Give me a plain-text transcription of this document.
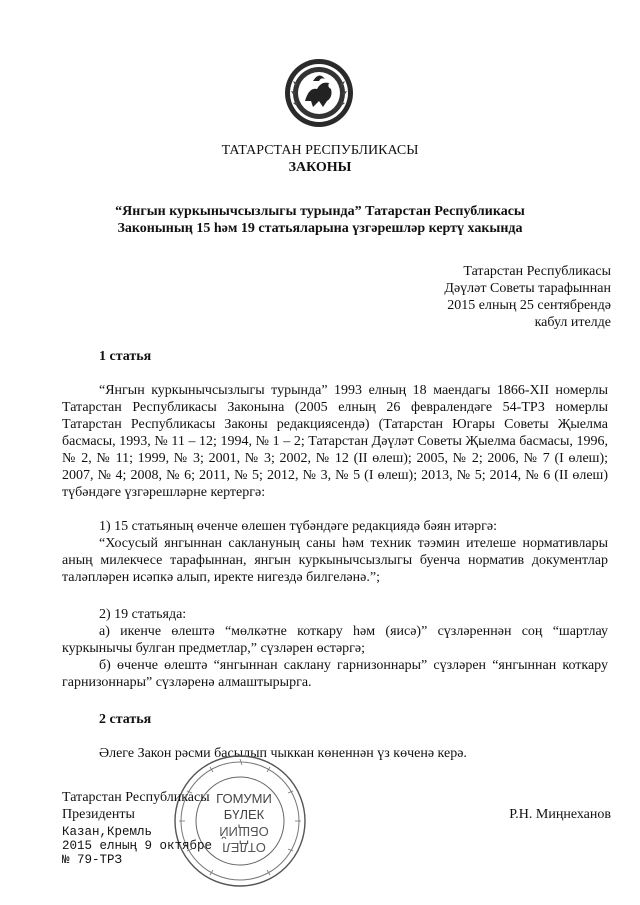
ТАТАРСТАН РЕСПУБЛИКАСЫ
ЗАКОНЫ
“Янгын куркынычсызлыгы турында” Татарстан Республикасы
Законының 15 һәм 19 статьяларына үзгәрешләр кертү хакында
Татарстан Республикасы
Дәүләт Советы тарафыннан
2015 елның 25 сентябрендә
кабул ителде
1 статья

“Янгын куркынычсызлыгы турында” 1993 елның 18 маендагы 1866-XII номерлы Татарстан Республикасы Законына (2005 елның 26 февралендәге 54-ТРЗ номерлы Татарстан Республикасы Законы редакциясендә) (Татарстан Югары Советы Җыелма басмасы, 1993, № 11 – 12; 1994, № 1 – 2; Татарстан Дәүләт Советы Җыелма басмасы, 1996, № 2, № 11; 1999, № 3; 2001, № 3; 2002, № 12 (II өлеш); 2005, № 2; 2006, № 7 (I өлеш); 2007, № 4; 2008, № 6; 2011, № 5; 2012, № 3, № 5 (I өлеш); 2013, № 5; 2014, № 6 (II өлеш) түбәндәге үзгәрешләрне кертергә:

1) 15 статьяның өченче өлешен түбәндәге редакциядә бәян итәргә:

“Хосусый янгыннан саклануның саны һәм техник тәэмин ителеше нормативлары аның милекчесе тарафыннан, янгын куркынычсызлыгы буенча норматив документлар таләпләрен исәпкә алып, иректе нигездә билгеләнә.”;

2) 19 статьяда:

а) икенче өлештә “мөлкәтне коткару һәм (яисә)” сүзләреннән соң “шартлау куркынычы булган предметлар,” сүзләрен өстәргә;

б) өченче өлештә “янгыннан саклану гарнизоннары” сүзләрен “янгыннан коткару гарнизоннары” сүзләренә алмаштырырга.

2 статья
Әлеге Закон рәсми басылып чыккан көненнән үз көченә керә.
ГОМУМИ
БҮЛЕК
ОБЩИЙ
ОТДЕЛ
Татарстан Республикасы
Президенты	Р.Н. Миңнеханов
Казан,Кремль
2015 елның 9 октябре
№ 79-ТРЗ
